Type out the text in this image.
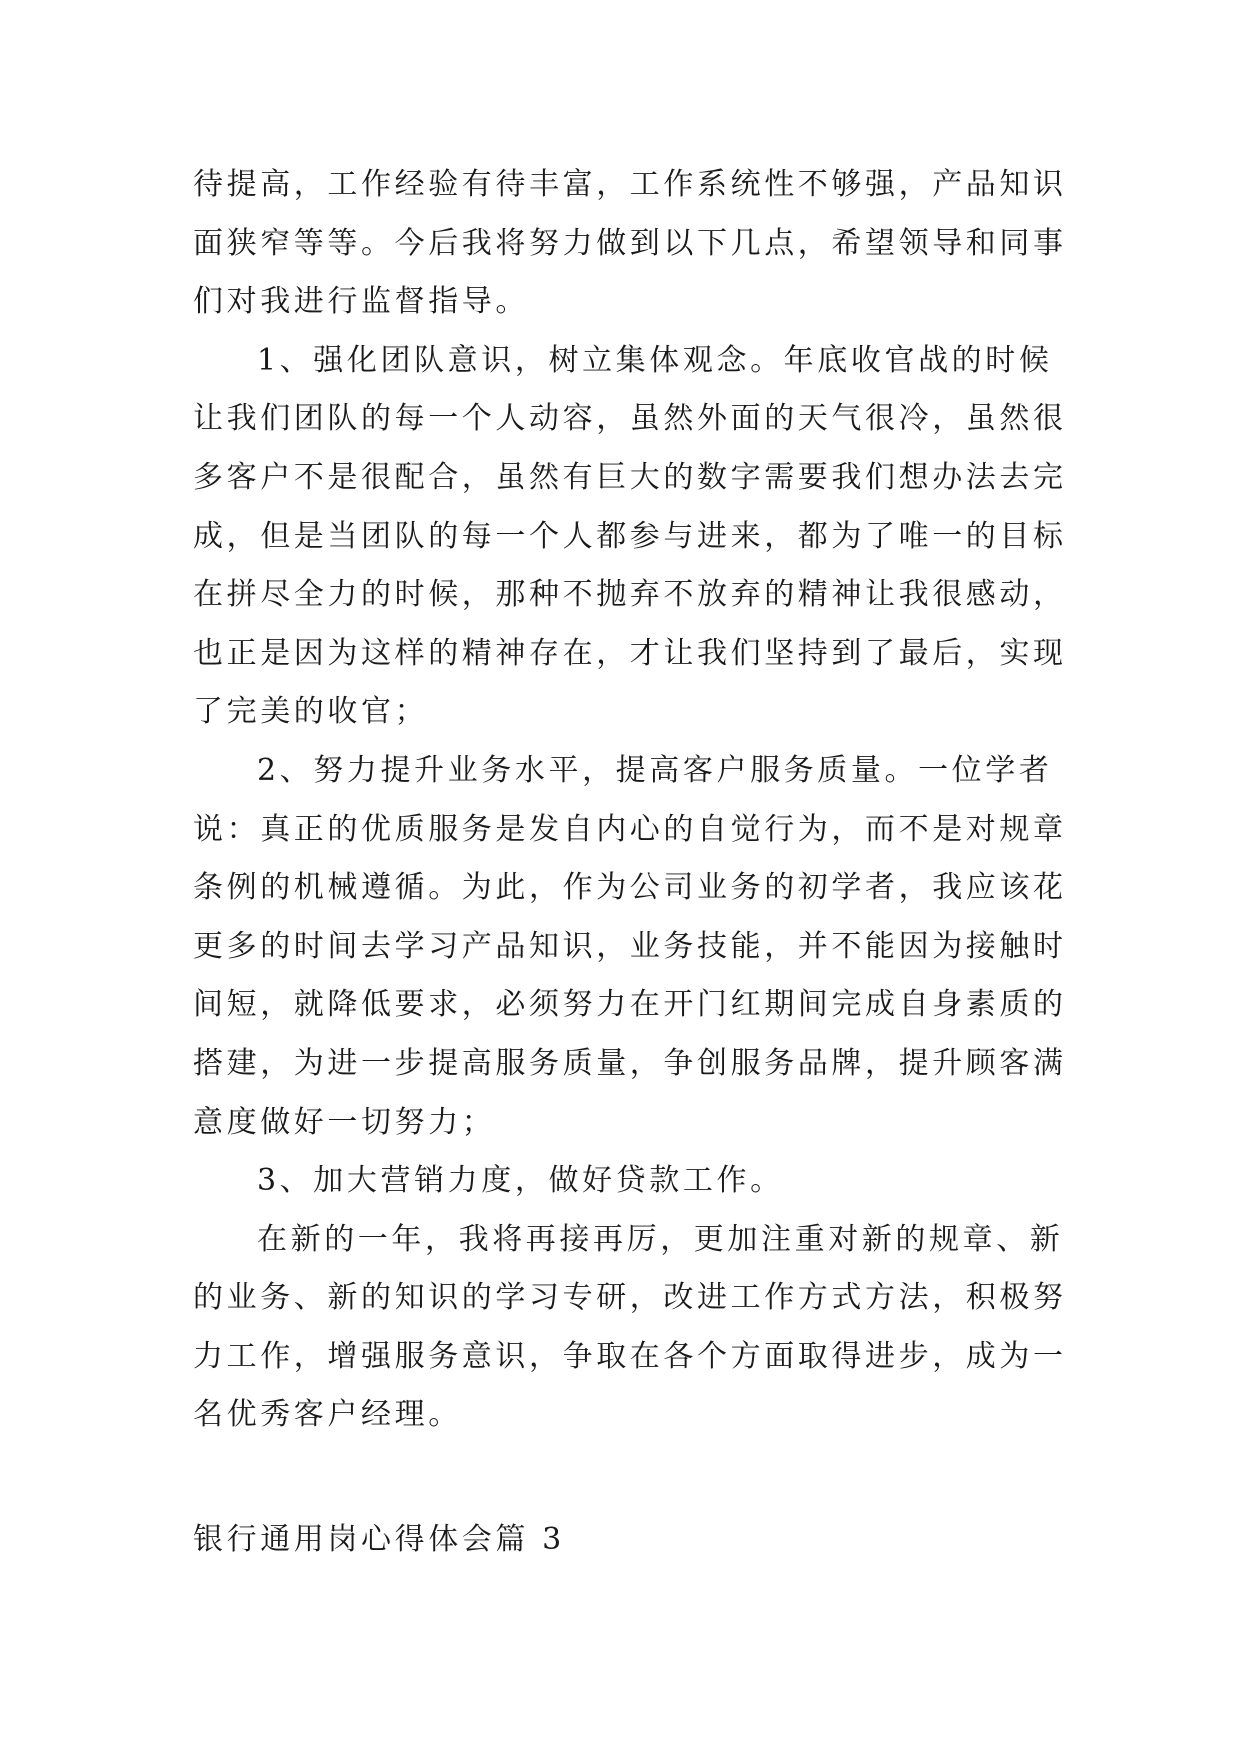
待提高，工作经验有待丰富，工作系统性不够强，产品知识
面狭窄等等。今后我将努力做到以下几点，希望领导和同事
们对我进行监督指导。
1、强化团队意识，树立集体观念。年底收官战的时候
让我们团队的每一个人动容，虽然外面的天气很冷，虽然很
多客户不是很配合，虽然有巨大的数字需要我们想办法去完
成，但是当团队的每一个人都参与进来，都为了唯一的目标
在拼尽全力的时候，那种不抛弃不放弃的精神让我很感动，
也正是因为这样的精神存在，才让我们坚持到了最后，实现
了完美的收官；
2、努力提升业务水平，提高客户服务质量。一位学者
说：真正的优质服务是发自内心的自觉行为，而不是对规章
条例的机械遵循。为此，作为公司业务的初学者，我应该花
更多的时间去学习产品知识，业务技能，并不能因为接触时
间短，就降低要求，必须努力在开门红期间完成自身素质的
搭建，为进一步提高服务质量，争创服务品牌，提升顾客满
意度做好一切努力；
3、加大营销力度，做好贷款工作。
在新的一年，我将再接再厉，更加注重对新的规章、新
的业务、新的知识的学习专研，改进工作方式方法，积极努
力工作，增强服务意识，争取在各个方面取得进步，成为一
名优秀客户经理。
银行通用岗心得体会篇 3
